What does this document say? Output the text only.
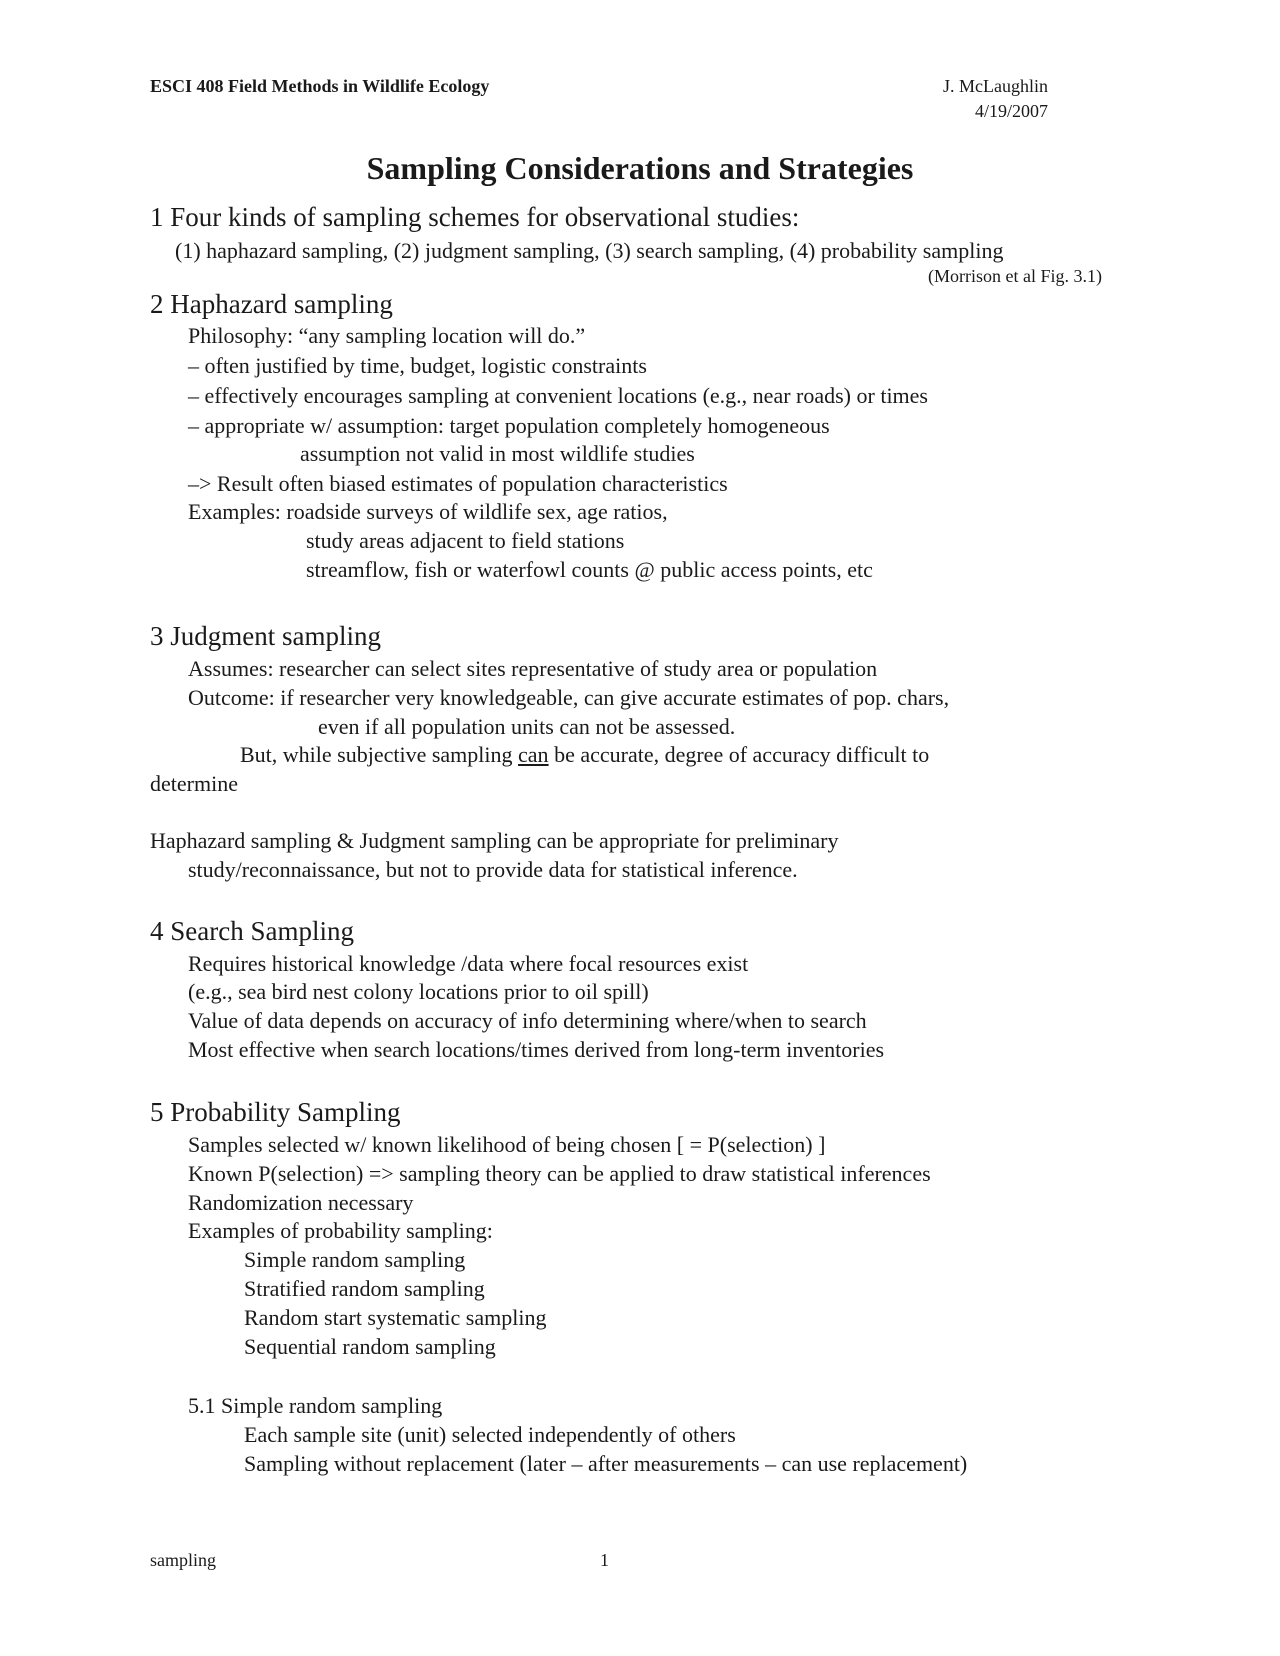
ESCI 408 Field Methods in Wildlife Ecology	J. McLaughlin
4/19/2007
Sampling Considerations and Strategies
1 Four kinds of sampling schemes for observational studies:
(1) haphazard sampling, (2) judgment sampling, (3) search sampling, (4) probability sampling
(Morrison et al Fig. 3.1)
2 Haphazard sampling
Philosophy: “any sampling location will do.”
– often justified by time, budget, logistic constraints
– effectively encourages sampling at convenient locations (e.g., near roads) or times
– appropriate w/ assumption: target population completely homogeneous
assumption not valid in most wildlife studies
–> Result often biased estimates of population characteristics
Examples: roadside surveys of wildlife sex, age ratios,
study areas adjacent to field stations
streamflow, fish or waterfowl counts @ public access points, etc
3 Judgment sampling
Assumes: researcher can select sites representative of study area or population
Outcome: if researcher very knowledgeable, can give accurate estimates of pop. chars,
even if all population units can not be assessed.
But, while subjective sampling can be accurate, degree of accuracy difficult to
determine
Haphazard sampling & Judgment sampling can be appropriate for preliminary
study/reconnaissance, but not to provide data for statistical inference.
4 Search Sampling
Requires historical knowledge /data where focal resources exist
(e.g., sea bird nest colony locations prior to oil spill)
Value of data depends on accuracy of info determining where/when to search
Most effective when search locations/times derived from long-term inventories
5 Probability Sampling
Samples selected w/ known likelihood of being chosen [ = P(selection) ]
Known P(selection) => sampling theory can be applied to draw statistical inferences
Randomization necessary
Examples of probability sampling:
Simple random sampling
Stratified random sampling
Random start systematic sampling
Sequential random sampling
5.1 Simple random sampling
Each sample site (unit) selected independently of others
Sampling without replacement (later – after measurements – can use replacement)
sampling	1
